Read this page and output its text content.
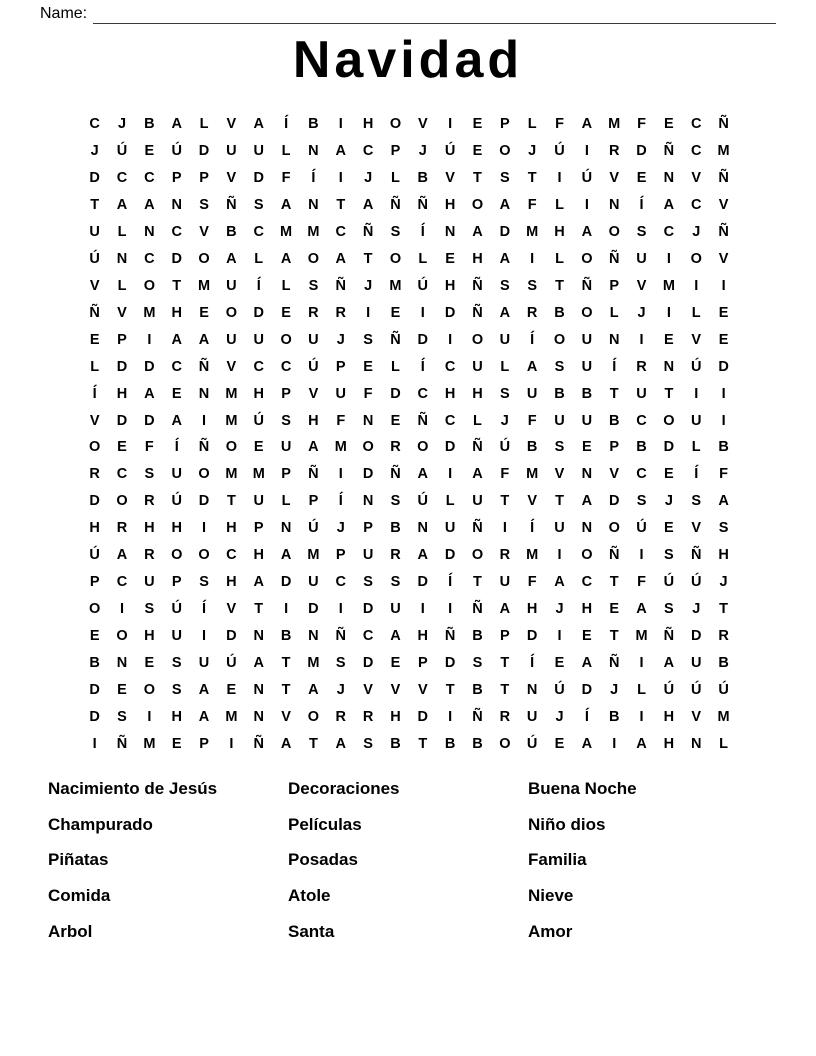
Name:
Navidad
C	J	B	A	L	V	A	Í	B	I	H	O	V	I	E	P	L	F	A	M	F	E	C	Ñ
J	Ú	E	Ú	D	U	U	L	N	A	C	P	J	Ú	E	O	J	Ú	I	R	D	Ñ	C	M
D	C	C	P	P	V	D	F	Í	I	J	L	B	V	T	S	T	I	Ú	V	E	N	V	Ñ
T	A	A	N	S	Ñ	S	A	N	T	A	Ñ	Ñ	H	O	A	F	L	I	N	Í	A	C	V
U	L	N	C	V	B	C	M	M	C	Ñ	S	Í	N	A	D	M	H	A	O	S	C	J	Ñ
Ú	N	C	D	O	A	L	A	O	A	T	O	L	E	H	A	I	L	O	Ñ	U	I	O	V
V	L	O	T	M	U	Í	L	S	Ñ	J	M	Ú	H	Ñ	S	S	T	Ñ	P	V	M	I	I
Ñ	V	M	H	E	O	D	E	R	R	I	E	I	D	Ñ	A	R	B	O	L	J	I	L	E
E	P	I	A	A	U	U	O	U	J	S	Ñ	D	I	O	U	Í	O	U	N	I	E	V	E
L	D	D	C	Ñ	V	C	C	Ú	P	E	L	Í	C	U	L	A	S	U	Í	R	N	Ú	D
Í	H	A	E	N	M	H	P	V	U	F	D	C	H	H	S	U	B	B	T	U	T	I	I
V	D	D	A	I	M	Ú	S	H	F	N	E	Ñ	C	L	J	F	U	U	B	C	O	U	I
O	E	F	Í	Ñ	O	E	U	A	M	O	R	O	D	Ñ	Ú	B	S	E	P	B	D	L	B
R	C	S	U	O	M	M	P	Ñ	I	D	Ñ	A	I	A	F	M	V	N	V	C	E	Í	F
D	O	R	Ú	D	T	U	L	P	Í	N	S	Ú	L	U	T	V	T	A	D	S	J	S	A
H	R	H	H	I	H	P	N	Ú	J	P	B	N	U	Ñ	I	Í	U	N	O	Ú	E	V	S
Ú	A	R	O	O	C	H	A	M	P	U	R	A	D	O	R	M	I	O	Ñ	I	S	Ñ	H
P	C	U	P	S	H	A	D	U	C	S	S	D	Í	T	U	F	A	C	T	F	Ú	Ú	J
O	I	S	Ú	Í	V	T	I	D	I	D	U	I	I	Ñ	A	H	J	H	E	A	S	J	T
E	O	H	U	I	D	N	B	N	Ñ	C	A	H	Ñ	B	P	D	I	E	T	M	Ñ	D	R
B	N	E	S	U	Ú	A	T	M	S	D	E	P	D	S	T	Í	E	A	Ñ	I	A	U	B
D	E	O	S	A	E	N	T	A	J	V	V	V	T	B	T	N	Ú	D	J	L	Ú	Ú	Ú
D	S	I	H	A	M	N	V	O	R	R	H	D	I	Ñ	R	U	J	Í	B	I	H	V	M
I	Ñ	M	E	P	I	Ñ	A	T	A	S	B	T	B	B	O	Ú	E	A	I	A	H	N	L
Nacimiento de Jesús
Champurado
Piñatas
Comida
Arbol
Decoraciones
Películas
Posadas
Atole
Santa
Buena Noche
Niño dios
Familia
Nieve
Amor
